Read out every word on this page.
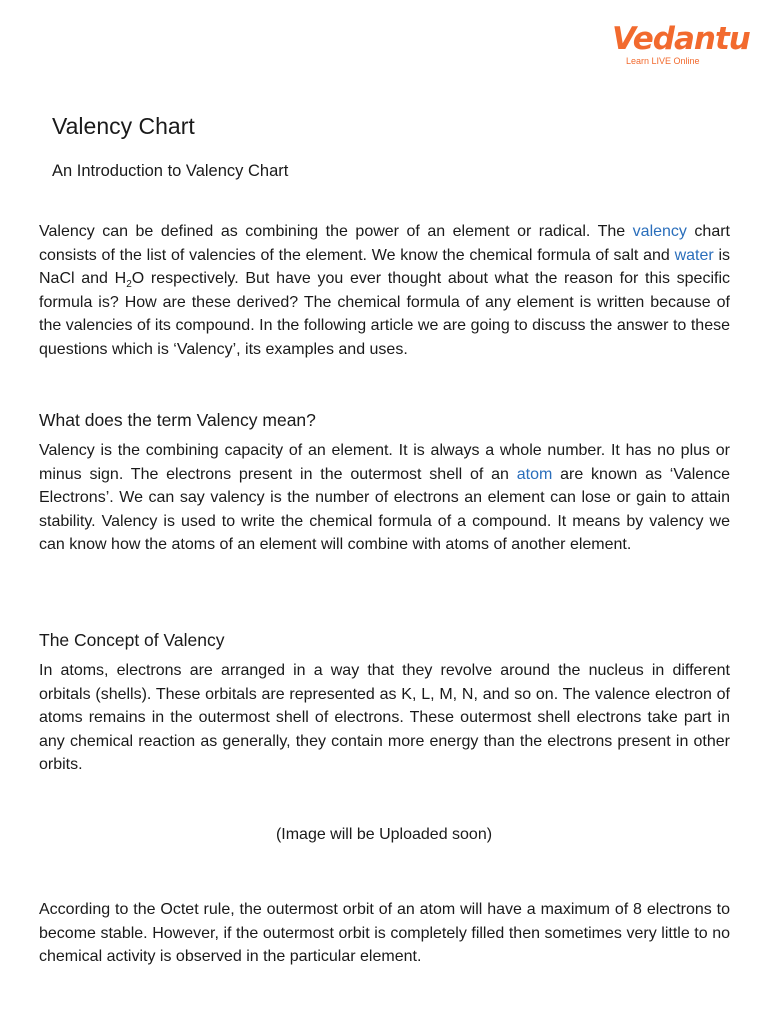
Vedantu
Learn LIVE Online
Valency Chart
An Introduction to Valency Chart

Valency can be defined as combining the power of an element or radical. The valency chart consists of the list of valencies of the element. We know the chemical formula of salt and water is NaCl and $H_2O$ respectively. But have you ever thought about what the reason for this specific formula is? How are these derived? The chemical formula of any element is written because of the valencies of its compound. In the following article we are going to discuss the answer to these questions which is ‘Valency’, its examples and uses.

What does the term Valency mean?

Valency is the combining capacity of an element. It is always a whole number. It has no plus or minus sign. The electrons present in the outermost shell of an atom are known as ‘Valence Electrons’. We can say valency is the number of electrons an element can lose or gain to attain stability. Valency is used to write the chemical formula of a compound. It means by valency we can know how the atoms of an element will combine with atoms of another element.

The Concept of Valency

In atoms, electrons are arranged in a way that they revolve around the nucleus in different orbitals (shells). These orbitals are represented as K, L, M, N, and so on. The valence electron of atoms remains in the outermost shell of electrons. These outermost shell electrons take part in any chemical reaction as generally, they contain more energy than the electrons present in other orbits.

(Image will be Uploaded soon)

According to the Octet rule, the outermost orbit of an atom will have a maximum of 8 electrons to become stable. However, if the outermost orbit is completely filled then sometimes very little to no chemical activity is observed in the particular element.
